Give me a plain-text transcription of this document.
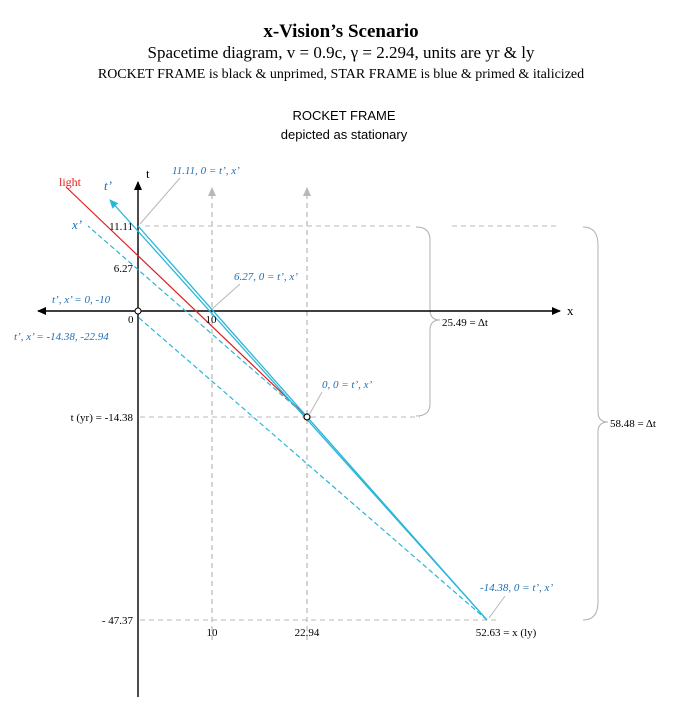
x-Vision’s Scenario
Spacetime diagram, v = 0.9c, γ = 2.294, units are yr & ly
ROCKET FRAME is black & unprimed, STAR FRAME is blue & primed & italicized
ROCKET FRAME
depicted as stationary
t
x
t’
x’
light
0
11.11
6.27
t (yr) = -14.38
- 47.37
10
10	22.94	52.63 = x (ly)
11.11, 0 = t’, x’
6.27, 0 = t’, x’
0, 0 = t’, x’
-14.38, 0 = t’, x’
t’, x’ = 0, -10
t’, x’ = -14.38, -22.94
25.49 = Δt
58.48 = Δt
